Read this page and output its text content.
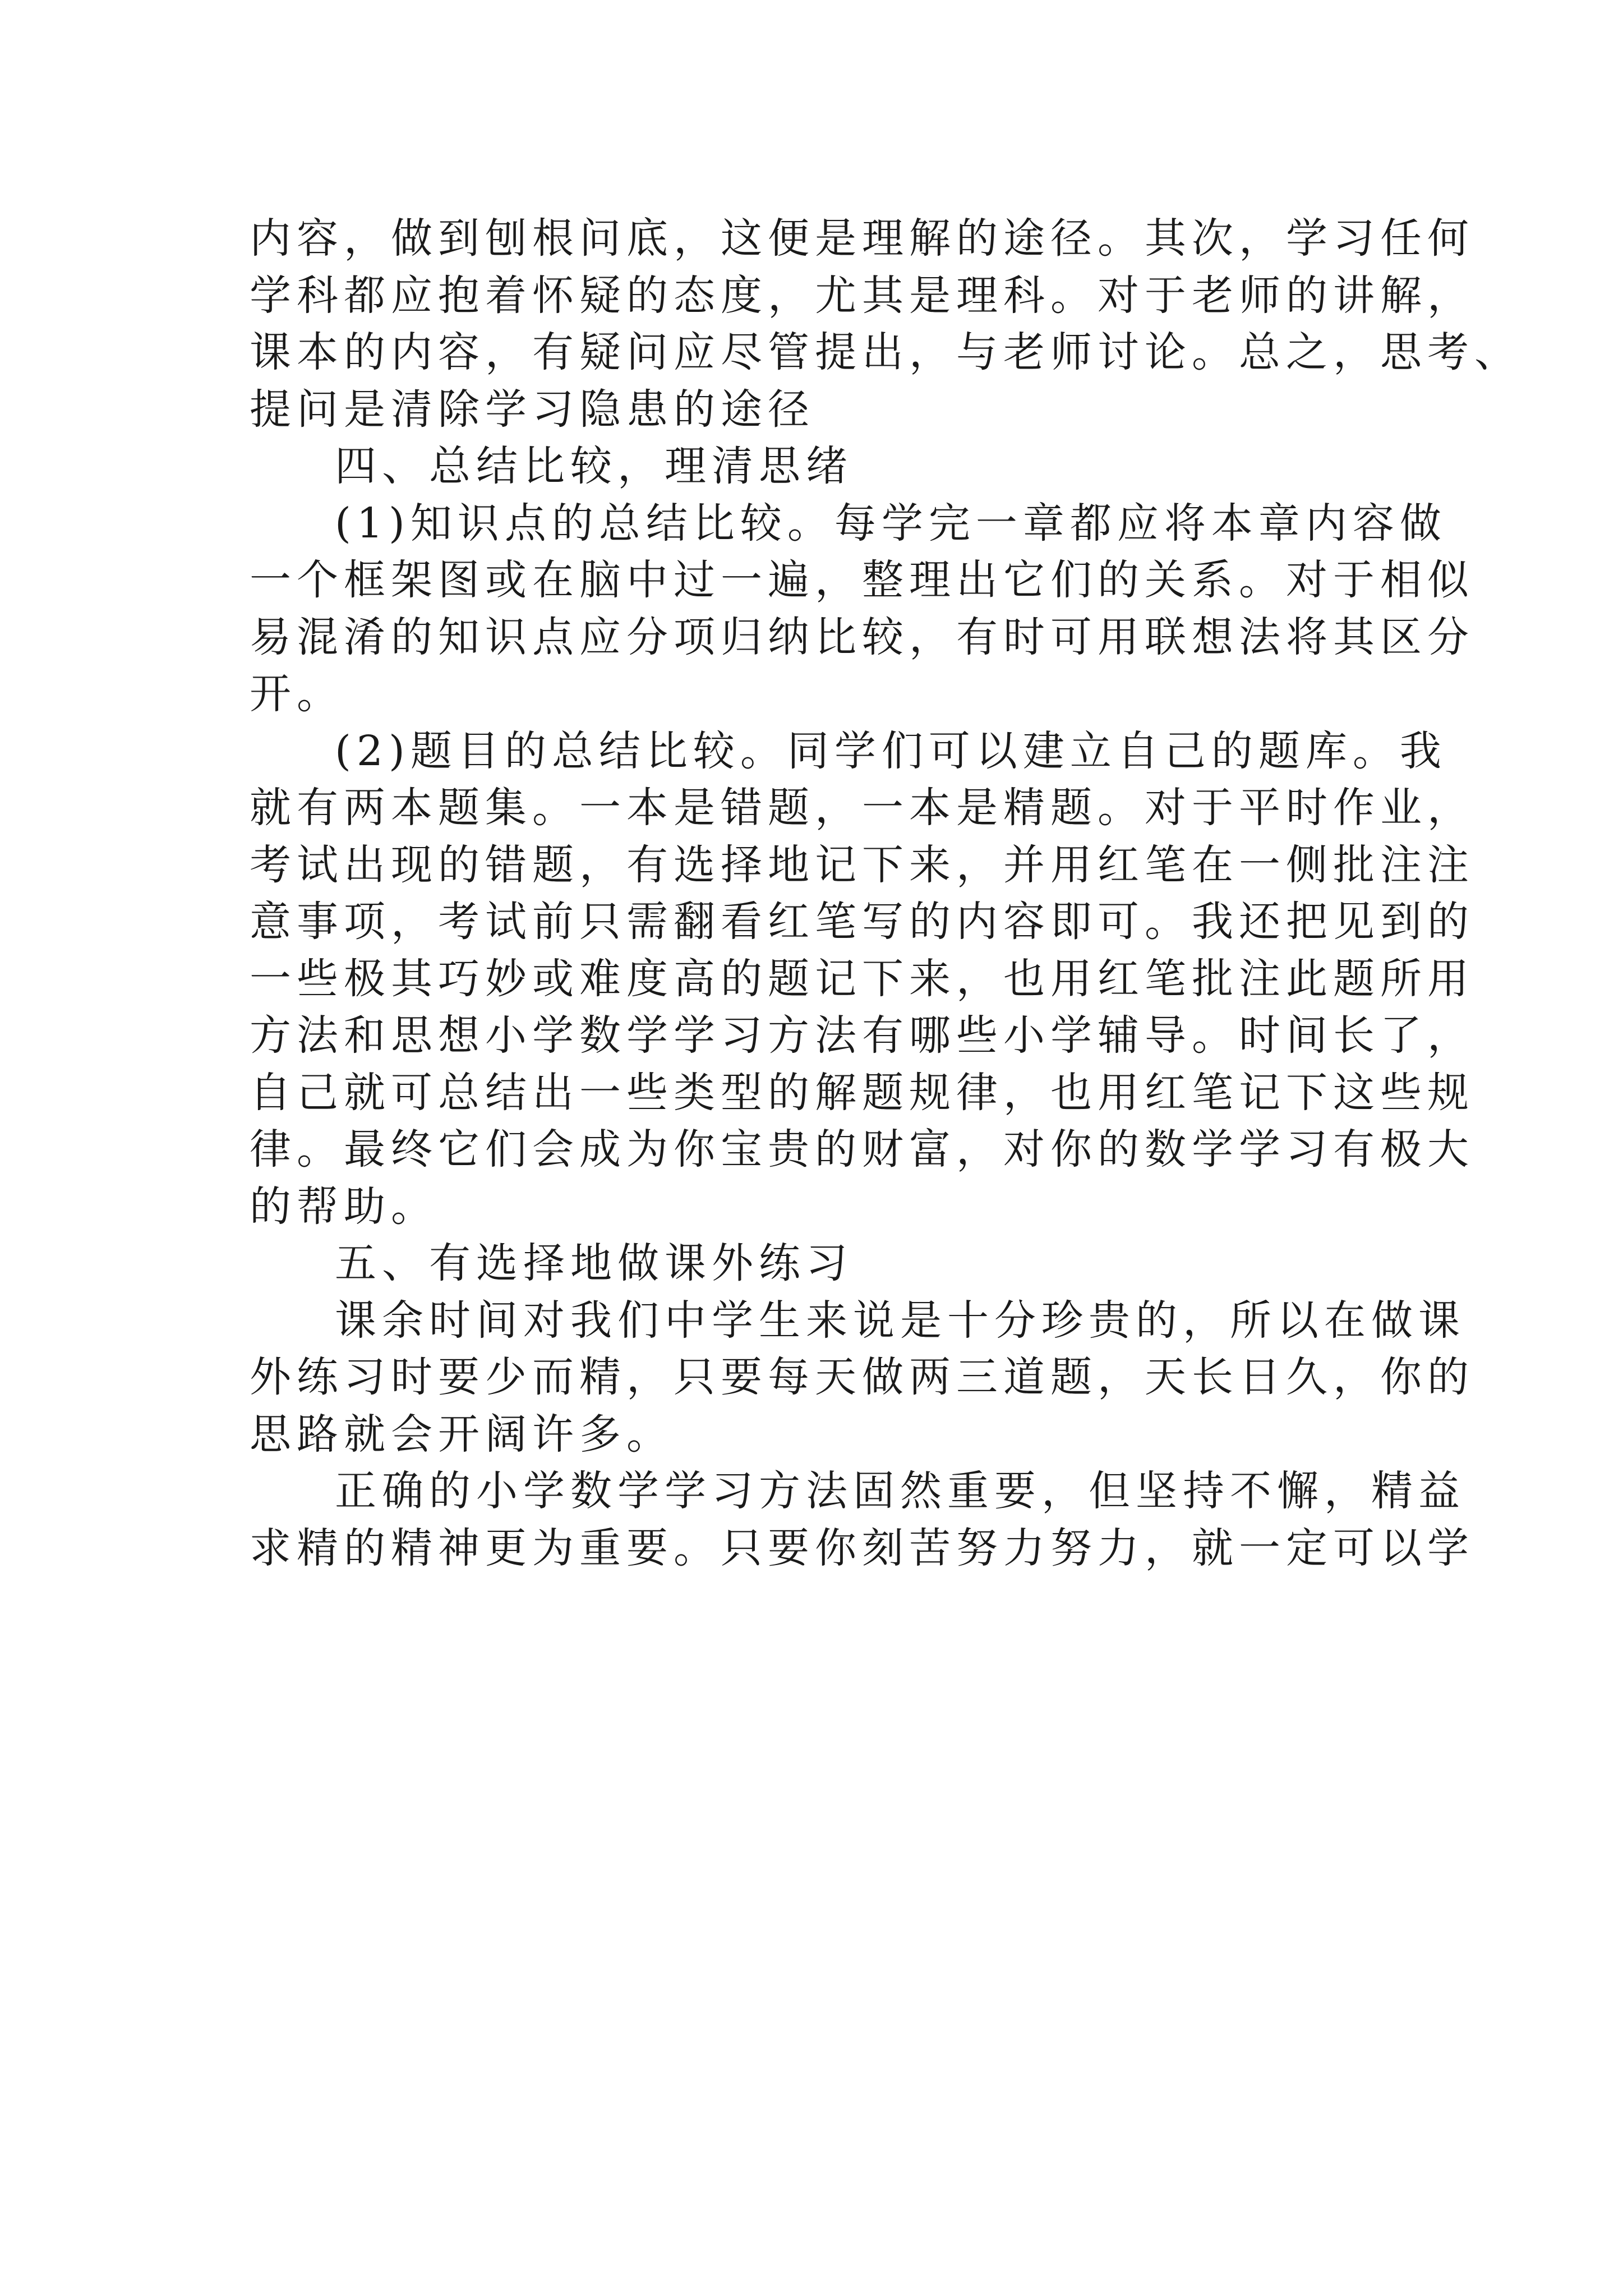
内容，做到刨根问底，这便是理解的途径。其次，学习任何
学科都应抱着怀疑的态度，尤其是理科。对于老师的讲解，
课本的内容，有疑问应尽管提出，与老师讨论。总之，思考、
提问是清除学习隐患的途径
四、总结比较，理清思绪
(1)知识点的总结比较。每学完一章都应将本章内容做
一个框架图或在脑中过一遍，整理出它们的关系。对于相似
易混淆的知识点应分项归纳比较，有时可用联想法将其区分
开。
(2)题目的总结比较。同学们可以建立自己的题库。我
就有两本题集。一本是错题，一本是精题。对于平时作业，
考试出现的错题，有选择地记下来，并用红笔在一侧批注注
意事项，考试前只需翻看红笔写的内容即可。我还把见到的
一些极其巧妙或难度高的题记下来，也用红笔批注此题所用
方法和思想小学数学学习方法有哪些小学辅导。时间长了，
自己就可总结出一些类型的解题规律，也用红笔记下这些规
律。最终它们会成为你宝贵的财富，对你的数学学习有极大
的帮助。
五、有选择地做课外练习
课余时间对我们中学生来说是十分珍贵的，所以在做课
外练习时要少而精，只要每天做两三道题，天长日久，你的
思路就会开阔许多。
正确的小学数学学习方法固然重要，但坚持不懈，精益
求精的精神更为重要。只要你刻苦努力努力，就一定可以学
